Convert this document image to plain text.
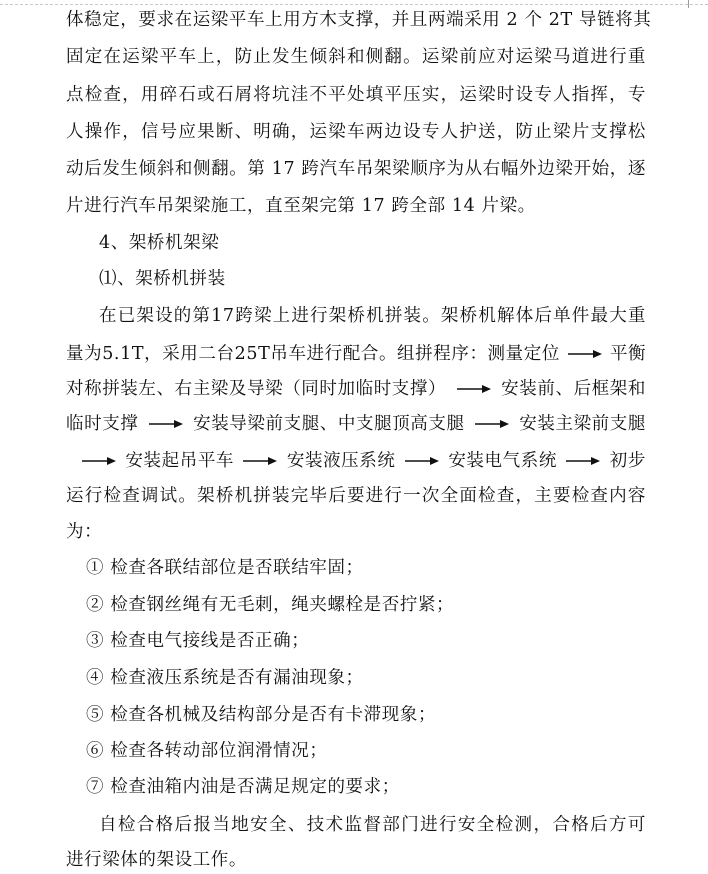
体稳定，要求在运梁平车上用方木支撑，并且两端采用 2 个 2T 导链将其
固定在运梁平车上，防止发生倾斜和侧翻。运梁前应对运梁马道进行重
点检查，用碎石或石屑将坑洼不平处填平压实，运梁时设专人指挥，专
人操作，信号应果断、明确，运梁车两边设专人护送，防止梁片支撑松
动后发生倾斜和侧翻。第 17 跨汽车吊架梁顺序为从右幅外边梁开始，逐
片进行汽车吊架梁施工，直至架完第 17 跨全部 14 片梁。
4、架桥机架梁
⑴、架桥机拼装
在已架设的第17跨梁上进行架桥机拼装。架桥机解体后单件最大重
量为5.1T，采用二台25T吊车进行配合。组拼程序：测量定位	平衡
对称拼装左、右主梁及导梁（同时加临时支撑）	安装前、后框架和
临时支撑	安装导梁前支腿、中支腿顶高支腿	安装主梁前支腿
安装起吊平车	安装液压系统	安装电气系统	初步
运行检查调试。架桥机拼装完毕后要进行一次全面检查，主要检查内容
为：
① 检查各联结部位是否联结牢固；
② 检查钢丝绳有无毛刺，绳夹螺栓是否拧紧；
③ 检查电气接线是否正确；
④ 检查液压系统是否有漏油现象；
⑤ 检查各机械及结构部分是否有卡滞现象；
⑥ 检查各转动部位润滑情况；
⑦ 检查油箱内油是否满足规定的要求；
自检合格后报当地安全、技术监督部门进行安全检测，合格后方可
进行梁体的架设工作。
